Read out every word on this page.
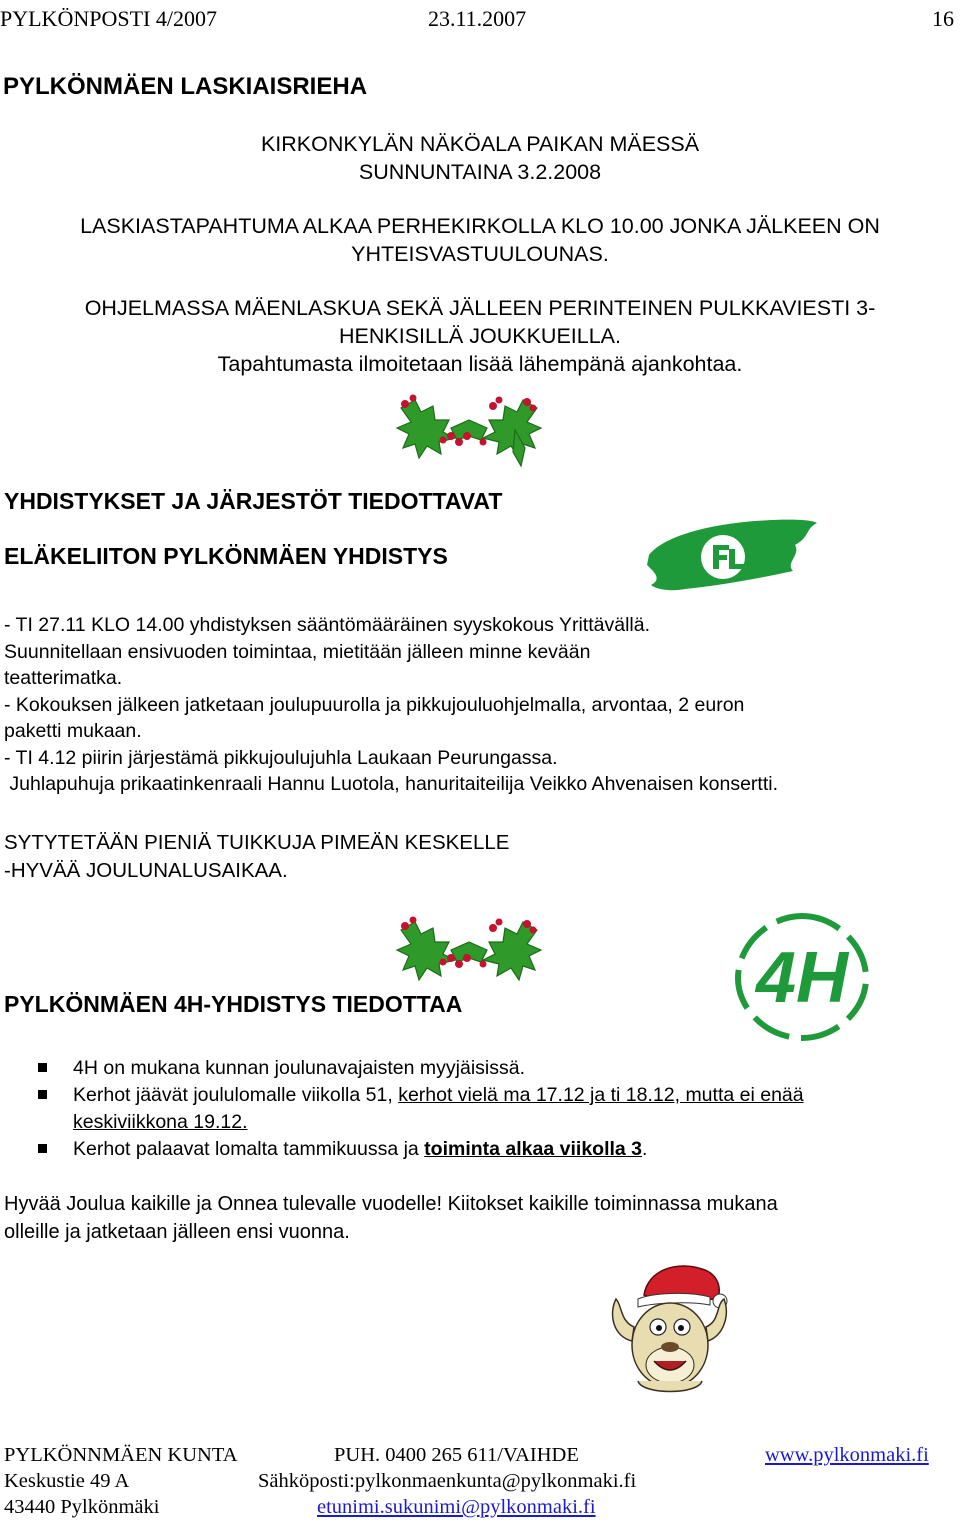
PYLKÖNPOSTI 4/2007	23.11.2007	16
PYLKÖNMÄEN LASKIAISRIEHA
KIRKONKYLÄN NÄKÖALA PAIKAN MÄESSÄ
SUNNUNTAINA 3.2.2008
LASKIASTAPAHTUMA ALKAA PERHEKIRKOLLA KLO 10.00 JONKA JÄLKEEN ON
YHTEISVASTUULOUNAS.
OHJELMASSA MÄENLASKUA SEKÄ JÄLLEEN PERINTEINEN PULKKAVIESTI 3-
HENKISILLÄ JOUKKUEILLA.
Tapahtumasta ilmoitetaan lisää lähempänä ajankohtaa.
YHDISTYKSET JA JÄRJESTÖT TIEDOTTAVAT
ELÄKELIITON PYLKÖNMÄEN YHDISTYS
- TI 27.11 KLO 14.00 yhdistyksen sääntömääräinen syyskokous Yrittävällä.
Suunnitellaan ensivuoden toimintaa, mietitään jälleen minne kevään
teatterimatka.
- Kokouksen jälkeen jatketaan joulupuurolla ja pikkujouluohjelmalla, arvontaa, 2 euron
paketti mukaan.
- TI 4.12 piirin järjestämä pikkujoulujuhla Laukaan Peurungassa.
Juhlapuhuja prikaatinkenraali Hannu Luotola, hanuritaiteilija Veikko Ahvenaisen konsertti.
SYTYTETÄÄN PIENIÄ TUIKKUJA PIMEÄN KESKELLE
-HYVÄÄ JOULUNALUSAIKAA.
4H
PYLKÖNMÄEN 4H-YHDISTYS TIEDOTTAA
4H on mukana kunnan joulunavajaisten myyjäisissä.
Kerhot jäävät joululomalle viikolla 51, kerhot vielä ma 17.12 ja ti 18.12, mutta ei enää keskiviikkona 19.12.
Kerhot palaavat lomalta tammikuussa ja toiminta alkaa viikolla 3.
Hyvää Joulua kaikille ja Onnea tulevalle vuodelle! Kiitokset kaikille toiminnassa mukana
olleille ja jatketaan jälleen ensi vuonna.
PYLKÖNNMÄEN KUNTA	PUH. 0400 265 611/VAIHDE	www.pylkonmaki.fi
Keskustie 49 A	Sähköposti:pylkonmaenkunta@pylkonmaki.fi
43440 Pylkönmäki	etunimi.sukunimi@pylkonmaki.fi
